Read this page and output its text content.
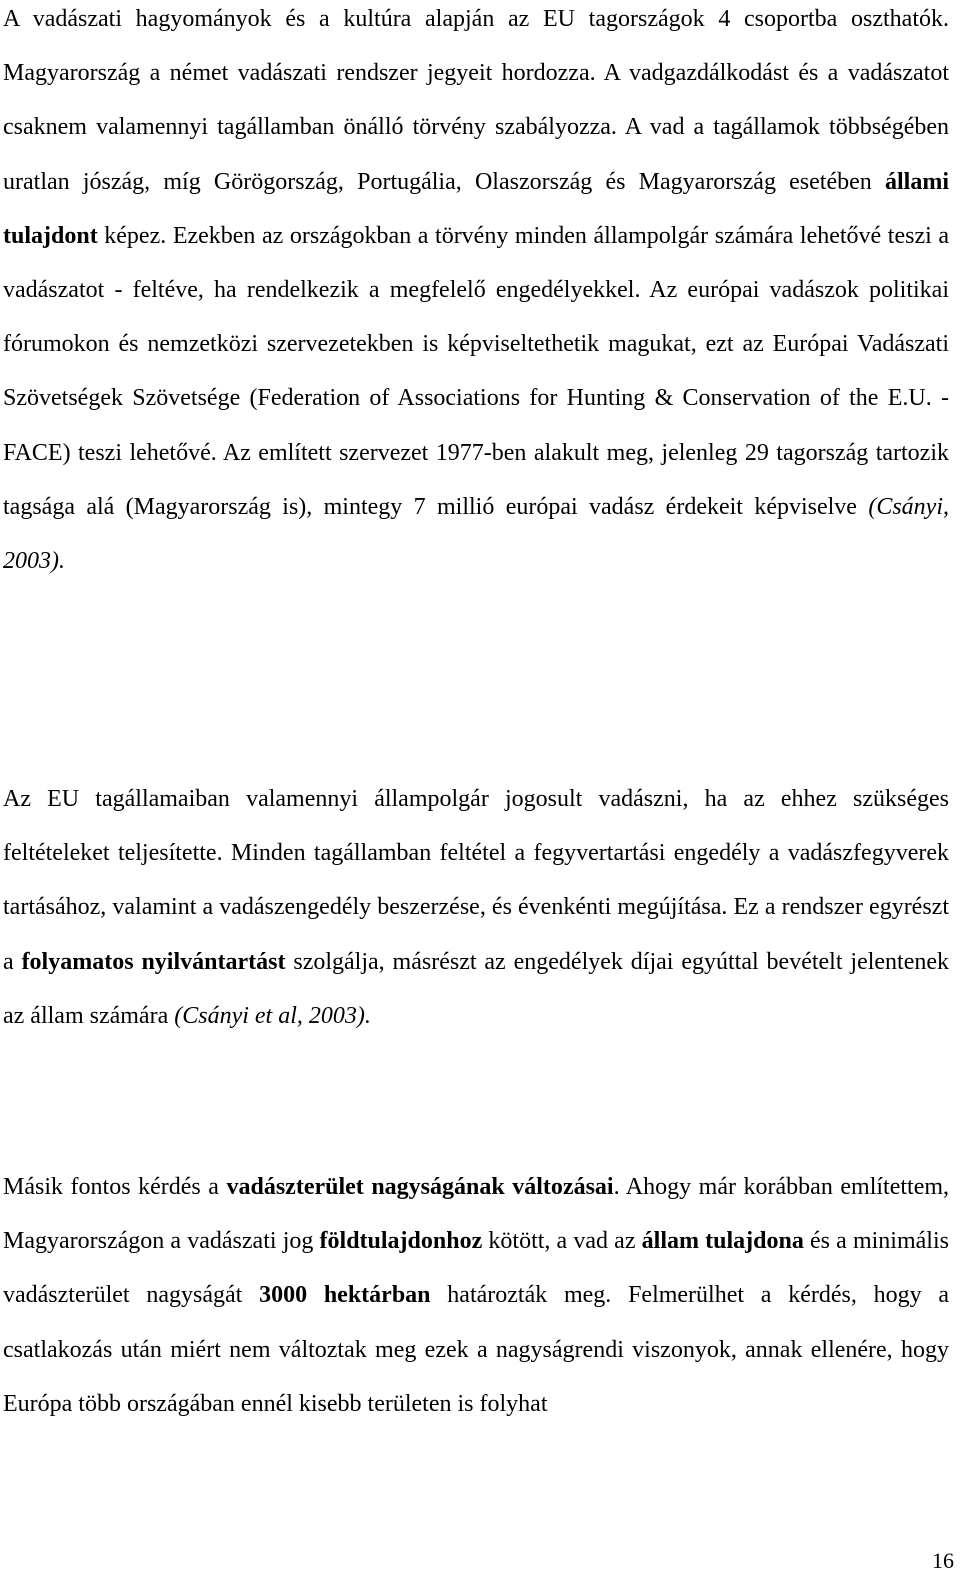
A vadászati hagyományok és a kultúra alapján az EU tagországok 4 csoportba oszthatók. Magyarország a német vadászati rendszer jegyeit hordozza. A vadgazdálkodást és a vadászatot csaknem valamennyi tagállamban önálló törvény szabályozza. A vad a tagállamok többségében uratlan jószág, míg Görögország, Portugália, Olaszország és Magyarország esetében állami tulajdont képez. Ezekben az országokban a törvény minden állampolgár számára lehetővé teszi a vadászatot - feltéve, ha rendelkezik a megfelelő engedélyekkel. Az európai vadászok politikai fórumokon és nemzetközi szervezetekben is képviseltethetik magukat, ezt az Európai Vadászati Szövetségek Szövetsége (Federation of Associations for Hunting & Conservation of the E.U. - FACE) teszi lehetővé. Az említett szervezet 1977-ben alakult meg, jelenleg 29 tagország tartozik tagsága alá (Magyarország is), mintegy 7 millió európai vadász érdekeit képviselve (Csányi, 2003).

Az EU tagállamaiban valamennyi állampolgár jogosult vadászni, ha az ehhez szükséges feltételeket teljesítette. Minden tagállamban feltétel a fegyvertartási engedély a vadászfegyverek tartásához, valamint a vadászengedély beszerzése, és évenkénti megújítása. Ez a rendszer egyrészt a folyamatos nyilvántartást szolgálja, másrészt az engedélyek díjai egyúttal bevételt jelentenek az állam számára (Csányi et al, 2003).

Másik fontos kérdés a vadászterület nagyságának változásai. Ahogy már korábban említettem, Magyarországon a vadászati jog földtulajdonhoz kötött, a vad az állam tulajdona és a minimális vadászterület nagyságát 3000 hektárban határozták meg. Felmerülhet a kérdés, hogy a csatlakozás után miért nem változtak meg ezek a nagyságrendi viszonyok, annak ellenére, hogy Európa több országában ennél kisebb területen is folyhat

16
